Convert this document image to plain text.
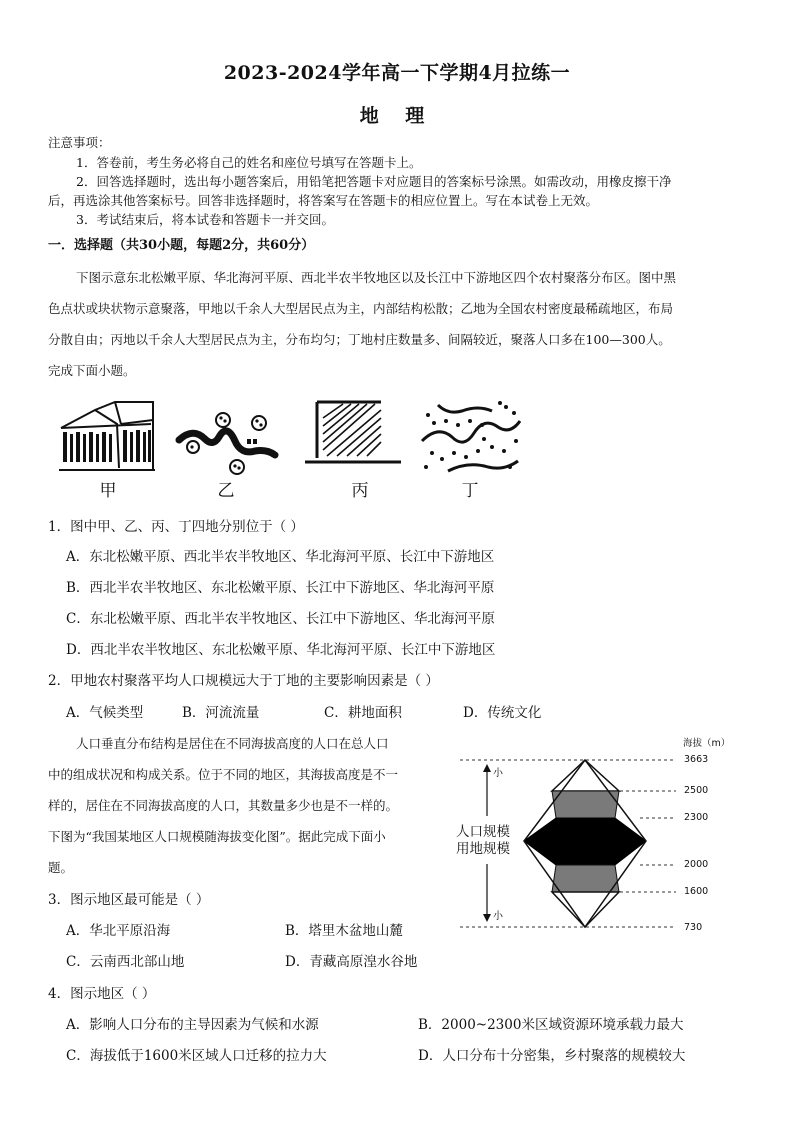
2023-2024学年高一下学期4月拉练一
地 理
注意事项：
1．答卷前，考生务必将自己的姓名和座位号填写在答题卡上。
2．回答选择题时，选出每小题答案后，用铅笔把答题卡对应题目的答案标号涂黑。如需改动，用橡皮擦干净
后，再选涂其他答案标号。回答非选择题时，将答案写在答题卡的相应位置上。写在本试卷上无效。
3．考试结束后，将本试卷和答题卡一并交回。
一．选择题（共30小题，每题2分，共60分）
下图示意东北松嫩平原、华北海河平原、西北半农半牧地区以及长江中下游地区四个农村聚落分布区。图中黑
色点状或块状物示意聚落，甲地以千余人大型居民点为主，内部结构松散；乙地为全国农村密度最稀疏地区，布局
分散自由；丙地以千余人大型居民点为主，分布均匀；丁地村庄数量多、间隔较近，聚落人口多在100—300人。
完成下面小题。
甲	乙	丙	丁
1．图中甲、乙、丙、丁四地分别位于（ ）
A．东北松嫩平原、西北半农半牧地区、华北海河平原、长江中下游地区
B．西北半农半牧地区、东北松嫩平原、长江中下游地区、华北海河平原
C．东北松嫩平原、西北半农半牧地区、长江中下游地区、华北海河平原
D．西北半农半牧地区、东北松嫩平原、华北海河平原、长江中下游地区
2．甲地农村聚落平均人口规模远大于丁地的主要影响因素是（ ）
A．气候类型	B．河流流量	C．耕地面积	D．传统文化
人口垂直分布结构是居住在不同海拔高度的人口在总人口
中的组成状况和构成关系。位于不同的地区，其海拔高度是不一
样的，居住在不同海拔高度的人口，其数量多少也是不一样的。
下图为“我国某地区人口规模随海拔变化图”。据此完成下面小
题。
海拔（m）
小
小
人口规模
用地规模
3663
2500
2300
2000
1600
730
3．图示地区最可能是（ ）
A．华北平原沿海	B．塔里木盆地山麓
C．云南西北部山地	D．青藏高原湟水谷地
4．图示地区（ ）
A．影响人口分布的主导因素为气候和水源	B．2000~2300米区域资源环境承载力最大
C．海拔低于1600米区域人口迁移的拉力大	D．人口分布十分密集，乡村聚落的规模较大
